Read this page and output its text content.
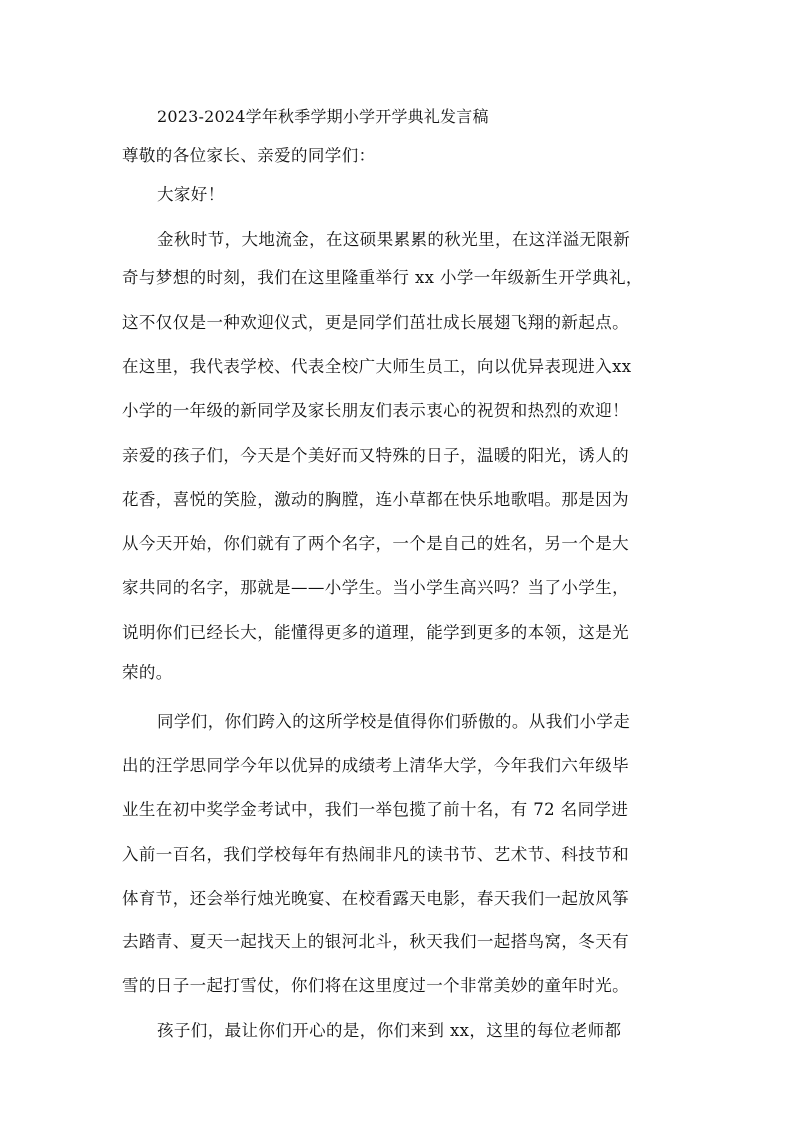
2023-2024学年秋季学期小学开学典礼发言稿
尊敬的各位家长、亲爱的同学们：
大家好！
金秋时节，大地流金，在这硕果累累的秋光里，在这洋溢无限新
奇与梦想的时刻，我们在这里隆重举行 xx 小学一年级新生开学典礼，
这不仅仅是一种欢迎仪式，更是同学们茁壮成长展翅飞翔的新起点。
在这里，我代表学校、代表全校广大师生员工，向以优异表现进入xx
小学的一年级的新同学及家长朋友们表示衷心的祝贺和热烈的欢迎！
亲爱的孩子们，今天是个美好而又特殊的日子，温暖的阳光，诱人的
花香，喜悦的笑脸，激动的胸膛，连小草都在快乐地歌唱。那是因为
从今天开始，你们就有了两个名字，一个是自己的姓名，另一个是大
家共同的名字，那就是——小学生。当小学生高兴吗？当了小学生，
说明你们已经长大，能懂得更多的道理，能学到更多的本领，这是光
荣的。
同学们，你们跨入的这所学校是值得你们骄傲的。从我们小学走
出的汪学思同学今年以优异的成绩考上清华大学，今年我们六年级毕
业生在初中奖学金考试中，我们一举包揽了前十名，有 72 名同学进
入前一百名，我们学校每年有热闹非凡的读书节、艺术节、科技节和
体育节，还会举行烛光晚宴、在校看露天电影，春天我们一起放风筝
去踏青、夏天一起找天上的银河北斗，秋天我们一起搭鸟窝，冬天有
雪的日子一起打雪仗，你们将在这里度过一个非常美妙的童年时光。
孩子们，最让你们开心的是，你们来到 xx，这里的每位老师都
